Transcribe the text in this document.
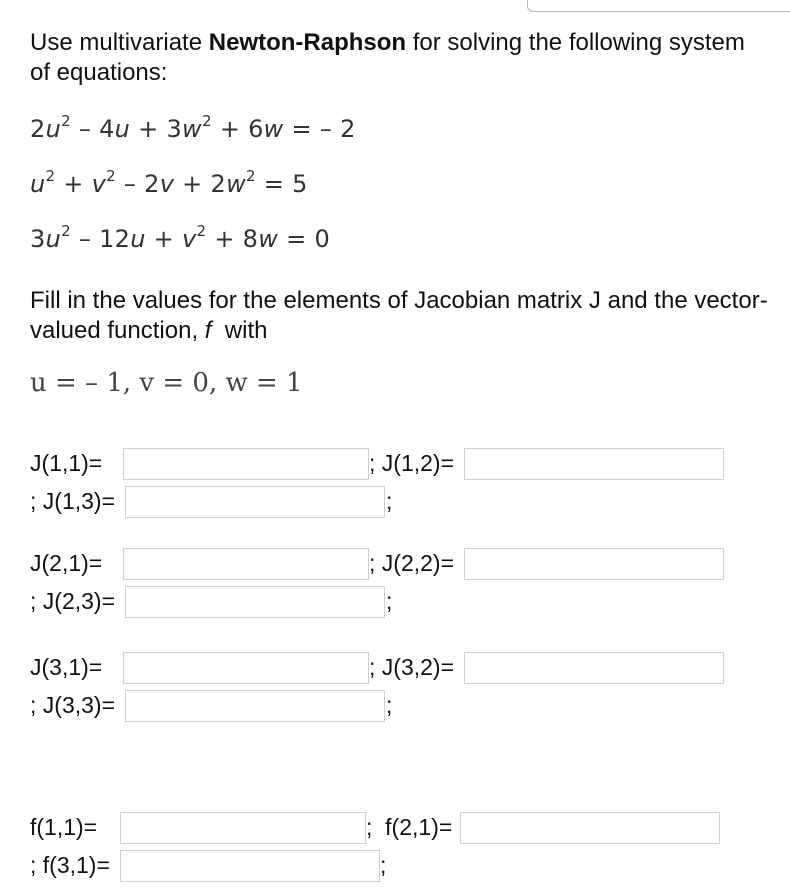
Use multivariate Newton-Raphson for solving the following system of equations:
$2u^2 - 4u + 3w^2 + 6w$ = – 2
$u^2 + v^2 - 2v + 2w^2 = 5$
$3u^2 - 12u + v^2 + 8w = 0$
Fill in the values for the elements of Jacobian matrix J and the vector-valued function, f  with
u = – 1, v = 0, w = 1
J(1,1)=	; J(1,2)=
; J(1,3)=	;
J(2,1)=	; J(2,2)=
; J(2,3)=	;
J(3,1)=	; J(3,2)=
; J(3,3)=	;
f(1,1)=	;  f(2,1)=
; f(3,1)=	;
